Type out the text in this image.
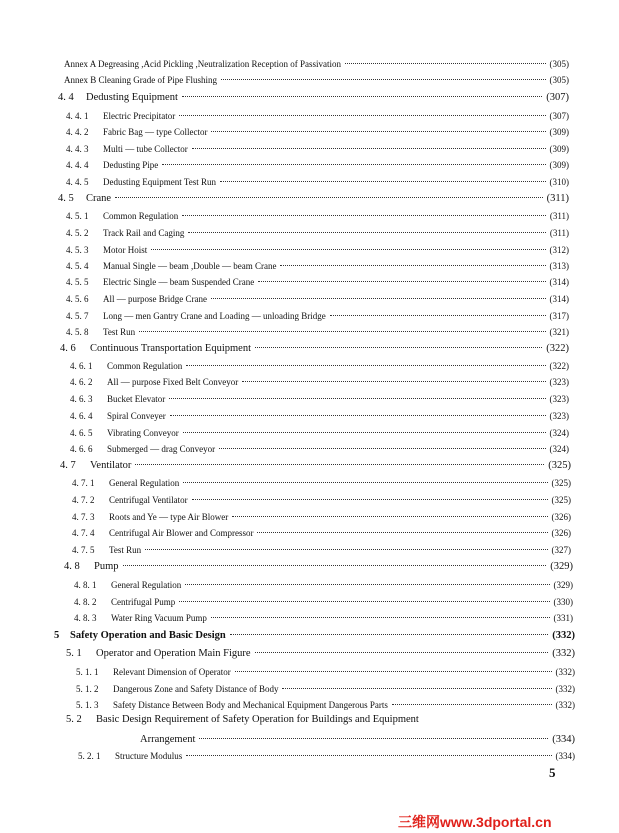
Annex A Degreasing ,Acid Pickling ,Neutralization Reception of Passivation	(305)
Annex B Cleaning Grade of Pipe Flushing	(305)
4. 4	Dedusting Equipment	(307)
4. 4. 1	Electric Precipitator	(307)
4. 4. 2	Fabric Bag — type Collector	(309)
4. 4. 3	Multi — tube Collector	(309)
4. 4. 4	Dedusting Pipe	(309)
4. 4. 5	Dedusting Equipment Test Run	(310)
4. 5	Crane	(311)
4. 5. 1	Common Regulation	(311)
4. 5. 2	Track Rail and Caging	(311)
4. 5. 3	Motor Hoist	(312)
4. 5. 4	Manual Single — beam ,Double — beam Crane	(313)
4. 5. 5	Electric Single — beam Suspended Crane	(314)
4. 5. 6	All — purpose Bridge Crane	(314)
4. 5. 7	Long — men Gantry Crane and Loading — unloading Bridge	(317)
4. 5. 8	Test Run	(321)
4. 6	Continuous Transportation Equipment	(322)
4. 6. 1	Common Regulation	(322)
4. 6. 2	All — purpose Fixed Belt Conveyor	(323)
4. 6. 3	Bucket Elevator	(323)
4. 6. 4	Spiral Conveyer	(323)
4. 6. 5	Vibrating Conveyor	(324)
4. 6. 6	Submerged — drag Conveyor	(324)
4. 7	Ventilator	(325)
4. 7. 1	General Regulation	(325)
4. 7. 2	Centrifugal Ventilator	(325)
4. 7. 3	Roots and Ye — type Air Blower	(326)
4. 7. 4	Centrifugal Air Blower and Compressor	(326)
4. 7. 5	Test Run	(327)
4. 8	Pump	(329)
4. 8. 1	General Regulation	(329)
4. 8. 2	Centrifugal Pump	(330)
4. 8. 3	Water Ring Vacuum Pump	(331)
5	Safety Operation and Basic Design	(332)
5. 1	Operator and Operation Main Figure	(332)
5. 1. 1	Relevant Dimension of Operator	(332)
5. 1. 2	Dangerous Zone and Safety Distance of Body	(332)
5. 1. 3	Safety Distance Between Body and Mechanical Equipment Dangerous Parts	(332)
5. 2	Basic Design Requirement of Safety Operation for Buildings and Equipment
Arrangement	(334)
5. 2. 1	Structure Modulus	(334)
5
三维网www.3dportal.cn
